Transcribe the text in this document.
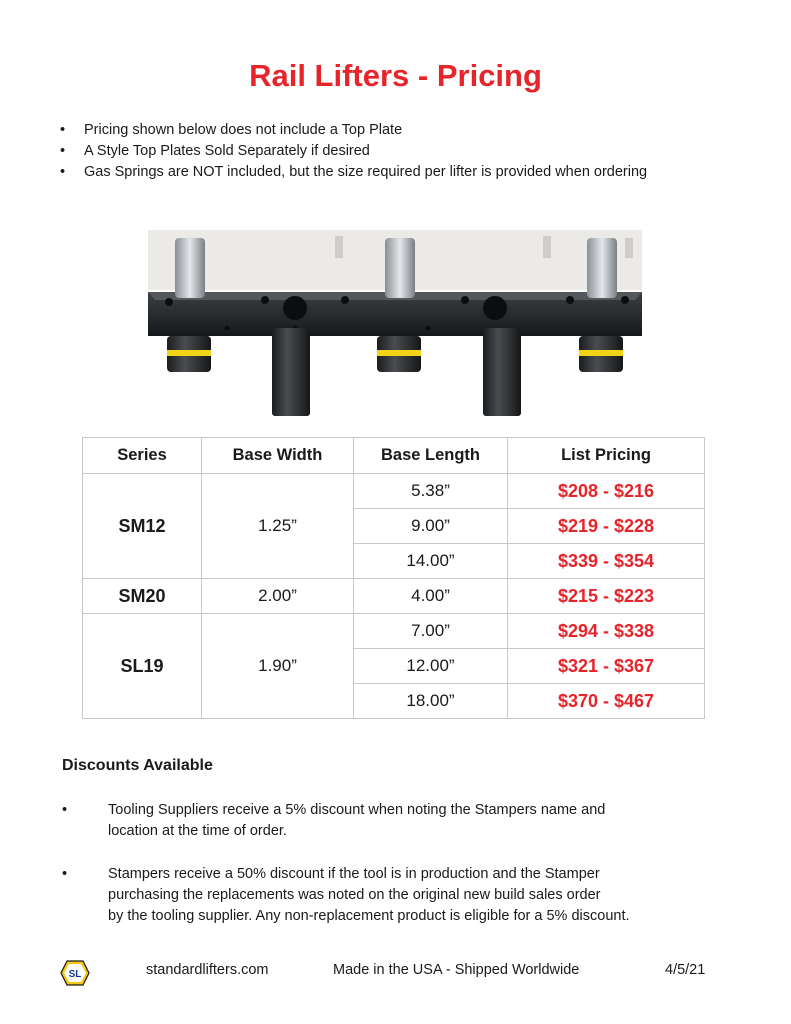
Rail Lifters - Pricing
•	Pricing shown below does not include a Top Plate
•	A Style Top Plates Sold Separately if desired
•	Gas Springs are NOT included, but the size required per lifter is provided when ordering
Series	Base Width	Base Length	List Pricing
SM12	1.25”	5.38”	$208 - $216
		9.00”	$219 - $228
		14.00”	$339 - $354
SM20	2.00”	4.00”	$215 - $223
SL19	1.90”	7.00”	$294 - $338
		12.00”	$321 - $367
		18.00”	$370 - $467
Discounts Available
•	Tooling Suppliers receive a 5% discount when noting the Stampers name and
location at the time of order.
•	Stampers receive a 50% discount if the tool is in production and the Stamper
purchasing the replacements was noted on the original new build sales order
by the tooling supplier. Any non-replacement product is eligible for a 5% discount.
SL	standardlifters.com	Made in the USA - Shipped Worldwide	4/5/21
